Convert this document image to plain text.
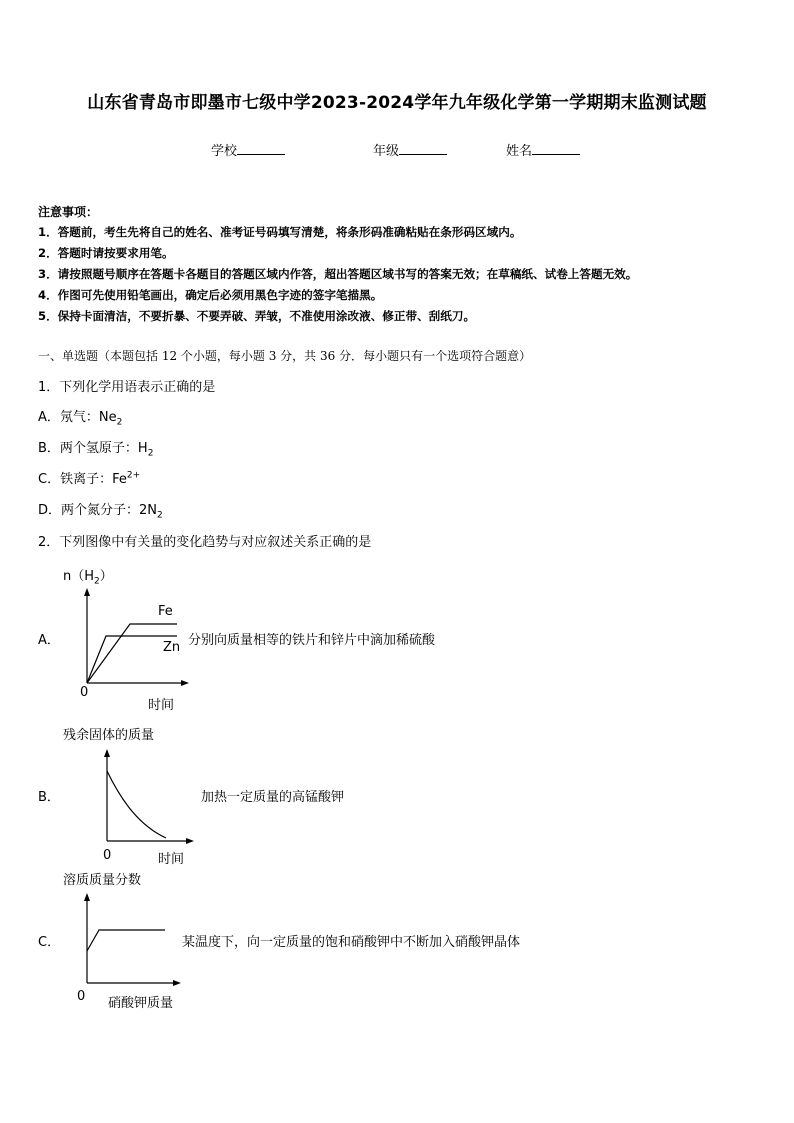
山东省青岛市即墨市七级中学2023-2024学年九年级化学第一学期期末监测试题
学校	年级	姓名
注意事项：
1．答题前，考生先将自己的姓名、准考证号码填写清楚，将条形码准确粘贴在条形码区域内。
2．答题时请按要求用笔。
3．请按照题号顺序在答题卡各题目的答题区域内作答，超出答题区域书写的答案无效；在草稿纸、试卷上答题无效。
4．作图可先使用铅笔画出，确定后必须用黑色字迹的签字笔描黑。
5．保持卡面清洁，不要折暴、不要弄破、弄皱，不准使用涂改液、修正带、刮纸刀。
一、单选题（本题包括 12 个小题，每小题 3 分，共 36 分．每小题只有一个选项符合题意）
1．下列化学用语表示正确的是
A．氖气：$Ne_2$
B．两个氢原子：$H_2$
C．铁离子：$Fe^{2+}$
D．两个氮分子：$2N_2$
2．下列图像中有关量的变化趋势与对应叙述关系正确的是
$n(H_2)$
A．
Fe
Zn
0
时间
分别向质量相等的铁片和锌片中滴加稀硫酸
残余固体的质量
B．
0	时间
加热一定质量的高锰酸钾
溶质质量分数
C．
0 硝酸钾质量
某温度下，向一定质量的饱和硝酸钾中不断加入硝酸钾晶体
